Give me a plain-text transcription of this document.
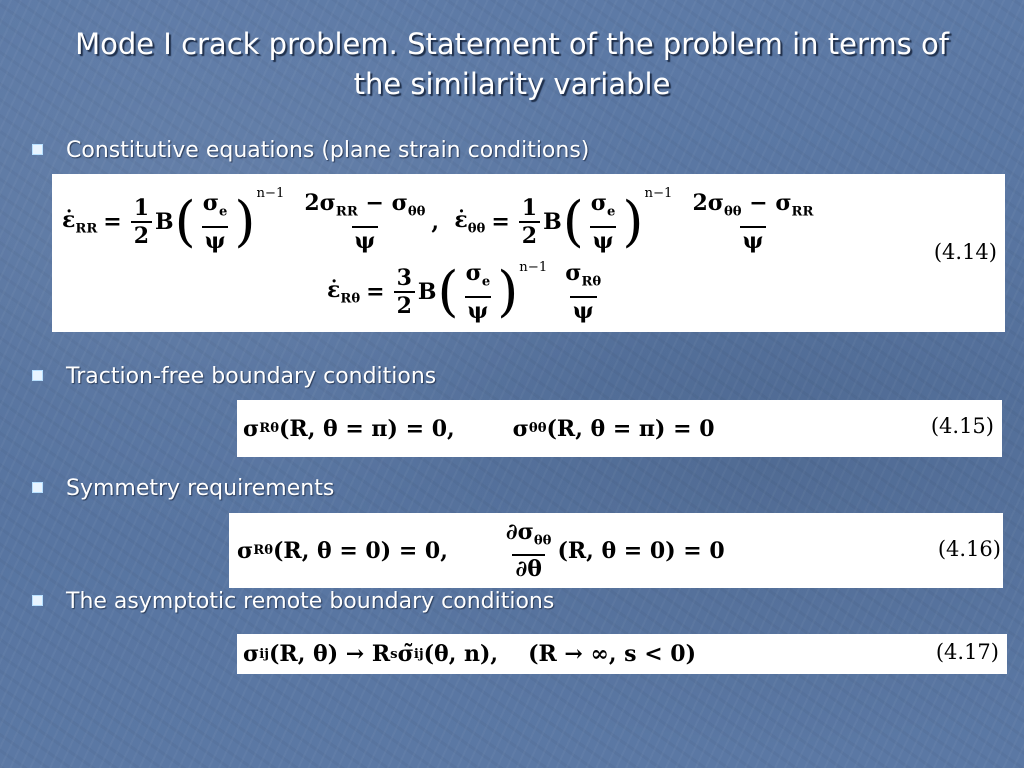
Mode I crack problem. Statement of the problem in terms of
the similarity variable
Constitutive equations (plane strain conditions)
$\varepsiloṅ_{RR} = \frac{1}{2}$ B ( $\frac{\sigma_e}{\psi} )^{n-1} \frac{2\sigma_{RR} - \sigma_{\theta\theta}}{\psi}$ , $\varepsiloṅ_{\theta\theta} = \frac{1}{2}$ B ( $\frac{\sigma_e}{\psi} )^{n-1} \frac{2\sigma_{\theta\theta} - \sigma_{RR}}{\psi}$	(4.14)
$\varepsiloṅ_{R\theta} = \frac{3}{2}$ B ( $\frac{\sigma_e}{\psi} )^{n-1} \frac{\sigma_{R\theta}}{\psi}$
Traction-free boundary conditions
σ Rθ (R, θ = π) = 0,	σ θθ (R, θ = π) = 0	(4.15)
Symmetry requirements
σ Rθ (R, θ = 0) = 0,	$\frac{\partial\sigma_{\theta\theta}}{\partial\theta} (R$, θ = 0) = 0	(4.16)
The asymptotic remote boundary conditions
σ ij (R, θ) → R s σ̃ ij (θ, n), (R → ∞, s < 0)	(4.17)
